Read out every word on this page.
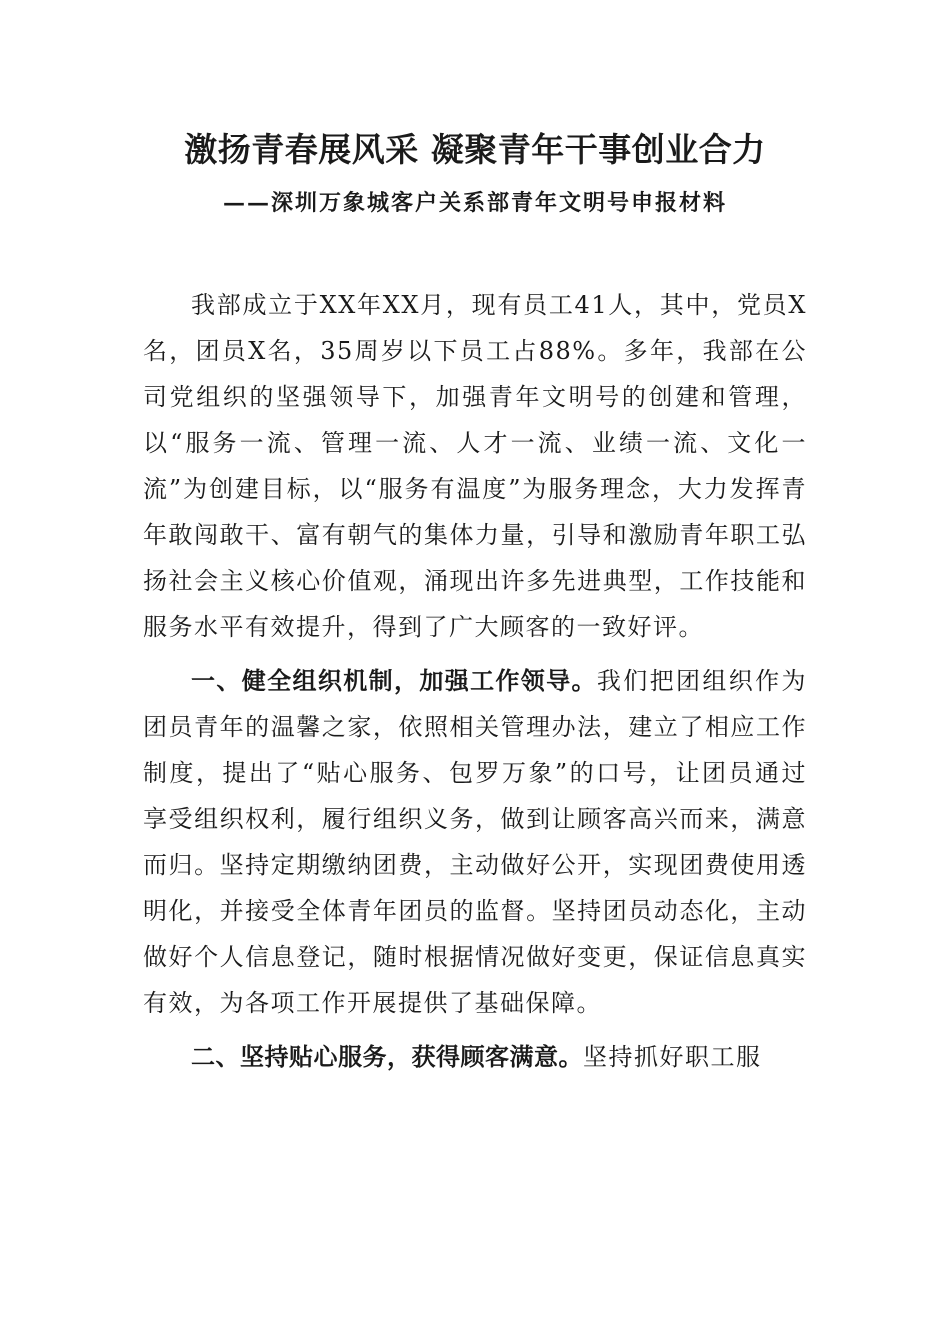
激扬青春展风采 凝聚青年干事创业合力
——深圳万象城客户关系部青年文明号申报材料

我部成立于XX年XX月，现有员工41人，其中，党员X名，团员X名，35周岁以下员工占88%。多年，我部在公司党组织的坚强领导下，加强青年文明号的创建和管理，以“服务一流、管理一流、人才一流、业绩一流、文化一流”为创建目标，以“服务有温度”为服务理念，大力发挥青年敢闯敢干、富有朝气的集体力量，引导和激励青年职工弘扬社会主义核心价值观，涌现出许多先进典型，工作技能和服务水平有效提升，得到了广大顾客的一致好评。

一、健全组织机制，加强工作领导。我们把团组织作为团员青年的温馨之家，依照相关管理办法，建立了相应工作制度，提出了“贴心服务、包罗万象”的口号，让团员通过享受组织权利，履行组织义务，做到让顾客高兴而来，满意而归。坚持定期缴纳团费，主动做好公开，实现团费使用透明化，并接受全体青年团员的监督。坚持团员动态化，主动做好个人信息登记，随时根据情况做好变更，保证信息真实有效，为各项工作开展提供了基础保障。

二、坚持贴心服务，获得顾客满意。坚持抓好职工服
